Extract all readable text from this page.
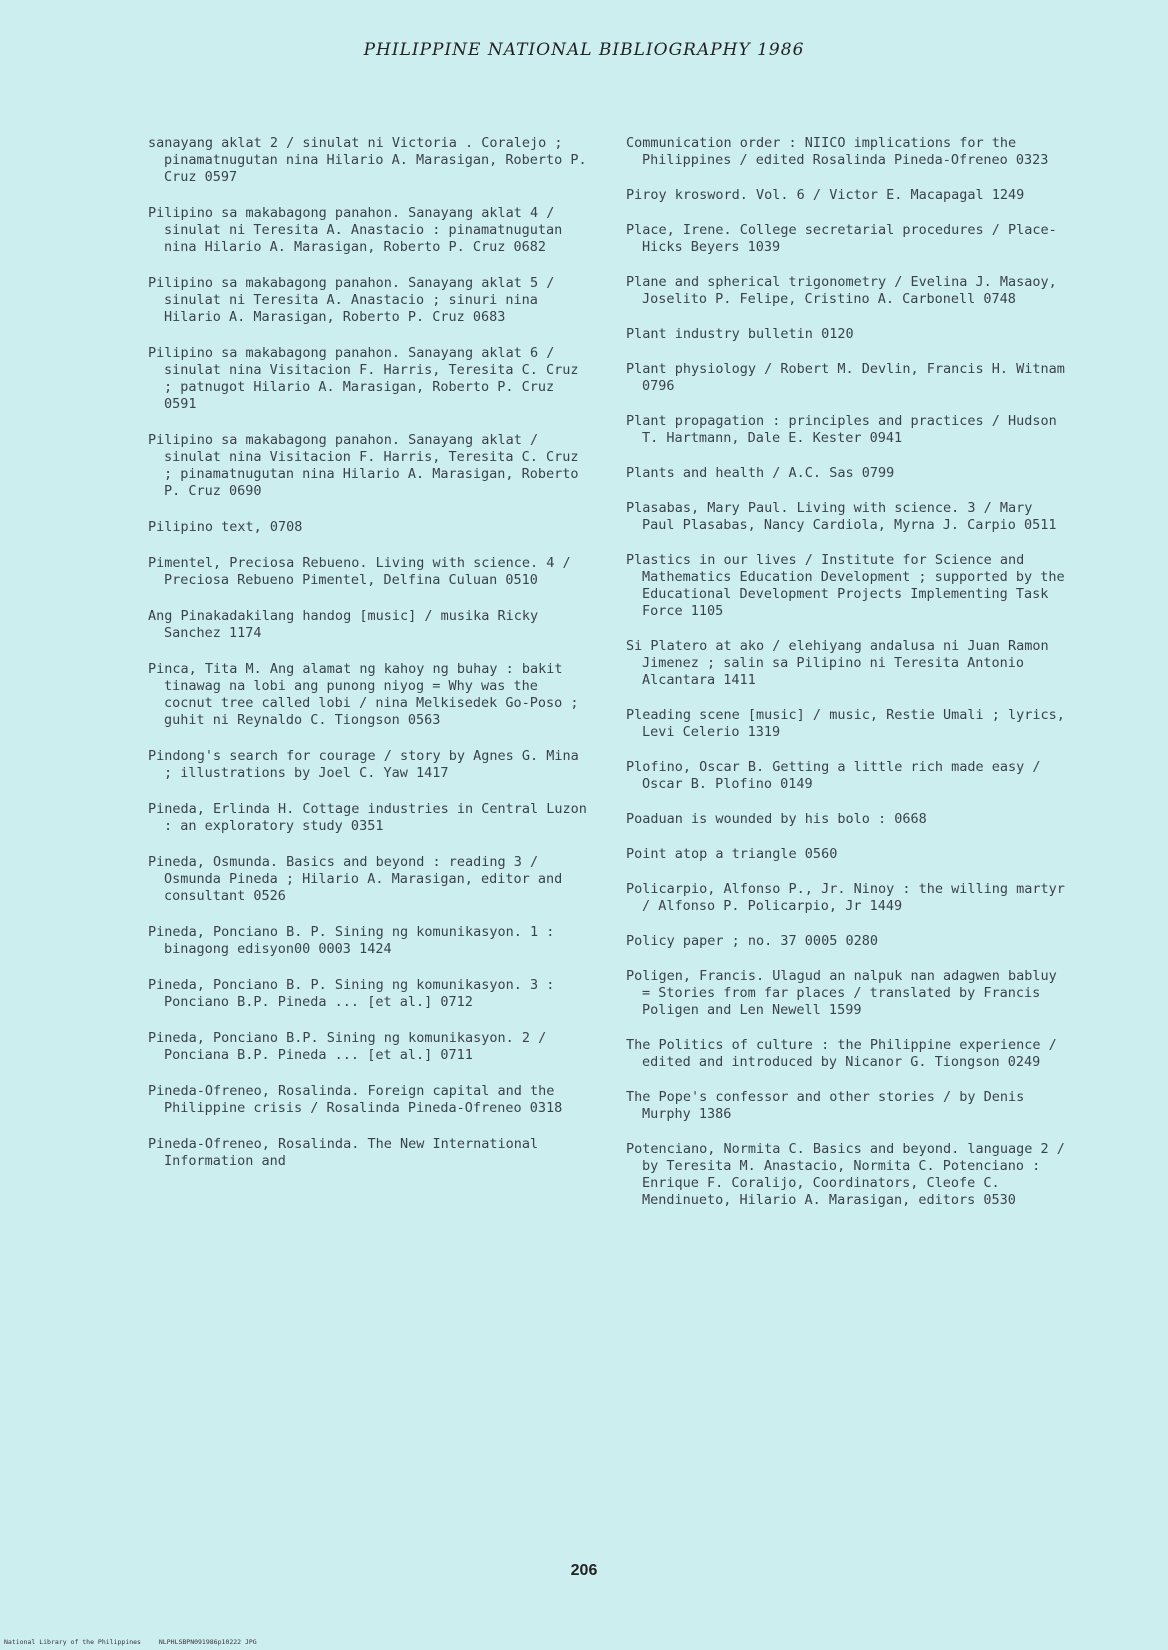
PHILIPPINE NATIONAL BIBLIOGRAPHY 1986
sanayang aklat 2 / sinulat ni Victoria . Coralejo ; pinamatnugutan nina Hilario A. Marasigan, Roberto P. Cruz 0597
Pilipino sa makabagong panahon. Sanayang aklat 4 / sinulat ni Teresita A. Anastacio : pinamatnugutan nina Hilario A. Marasigan, Roberto P. Cruz 0682
Pilipino sa makabagong panahon. Sanayang aklat 5 / sinulat ni Teresita A. Anastacio ; sinuri nina Hilario A. Marasigan, Roberto P. Cruz 0683
Pilipino sa makabagong panahon. Sanayang aklat 6 / sinulat nina Visitacion F. Harris, Teresita C. Cruz ; patnugot Hilario A. Marasigan, Roberto P. Cruz 0591
Pilipino sa makabagong panahon. Sanayang aklat / sinulat nina Visitacion F. Harris, Teresita C. Cruz ; pinamatnugutan nina Hilario A. Marasigan, Roberto P. Cruz 0690
Pilipino text, 0708
Pimentel, Preciosa Rebueno. Living with science. 4 / Preciosa Rebueno Pimentel, Delfina Culuan 0510
Ang Pinakadakilang handog [music] / musika Ricky Sanchez 1174
Pinca, Tita M. Ang alamat ng kahoy ng buhay : bakit tinawag na lobi ang punong niyog = Why was the cocnut tree called lobi / nina Melkisedek Go-Poso ; guhit ni Reynaldo C. Tiongson 0563
Pindong's search for courage / story by Agnes G. Mina ; illustrations by Joel C. Yaw 1417
Pineda, Erlinda H. Cottage industries in Central Luzon : an exploratory study 0351
Pineda, Osmunda. Basics and beyond : reading 3 / Osmunda Pineda ; Hilario A. Marasigan, editor and consultant 0526
Pineda, Ponciano B. P. Sining ng komunikasyon. 1 : binagong edisyon00 0003 1424
Pineda, Ponciano B. P. Sining ng komunikasyon. 3 : Ponciano B.P. Pineda ... [et al.] 0712
Pineda, Ponciano B.P. Sining ng komunikasyon. 2 / Ponciana B.P. Pineda ... [et al.] 0711
Pineda-Ofreneo, Rosalinda. Foreign capital and the Philippine crisis / Rosalinda Pineda-Ofreneo 0318
Pineda-Ofreneo, Rosalinda. The New International Information and
Communication order : NIICO implications for the Philippines / edited Rosalinda Pineda-Ofreneo 0323
Piroy krosword. Vol. 6 / Victor E. Macapagal 1249
Place, Irene. College secretarial procedures / Place-Hicks Beyers 1039
Plane and spherical trigonometry / Evelina J. Masaoy, Joselito P. Felipe, Cristino A. Carbonell 0748
Plant industry bulletin 0120
Plant physiology / Robert M. Devlin, Francis H. Witnam 0796
Plant propagation : principles and practices / Hudson T. Hartmann, Dale E. Kester 0941
Plants and health / A.C. Sas 0799
Plasabas, Mary Paul. Living with science. 3 / Mary Paul Plasabas, Nancy Cardiola, Myrna J. Carpio 0511
Plastics in our lives / Institute for Science and Mathematics Education Development ; supported by the Educational Development Projects Implementing Task Force 1105
Si Platero at ako / elehiyang andalusa ni Juan Ramon Jimenez ; salin sa Pilipino ni Teresita Antonio Alcantara 1411
Pleading scene [music] / music, Restie Umali ; lyrics, Levi Celerio 1319
Plofino, Oscar B. Getting a little rich made easy / Oscar B. Plofino 0149
Poaduan is wounded by his bolo : 0668
Point atop a triangle 0560
Policarpio, Alfonso P., Jr. Ninoy : the willing martyr / Alfonso P. Policarpio, Jr 1449
Policy paper ; no. 37 0005 0280
Poligen, Francis. Ulagud an nalpuk nan adagwen babluy = Stories from far places / translated by Francis Poligen and Len Newell 1599
The Politics of culture : the Philippine experience / edited and introduced by Nicanor G. Tiongson 0249
The Pope's confessor and other stories / by Denis Murphy 1386
Potenciano, Normita C. Basics and beyond. language 2 / by Teresita M. Anastacio, Normita C. Potenciano : Enrique F. Coralijo, Coordinators, Cleofe C. Mendinueto, Hilario A. Marasigan, editors 0530
206
National Library of the Philippines	NLPHLSBPN091986p10222 JPG
